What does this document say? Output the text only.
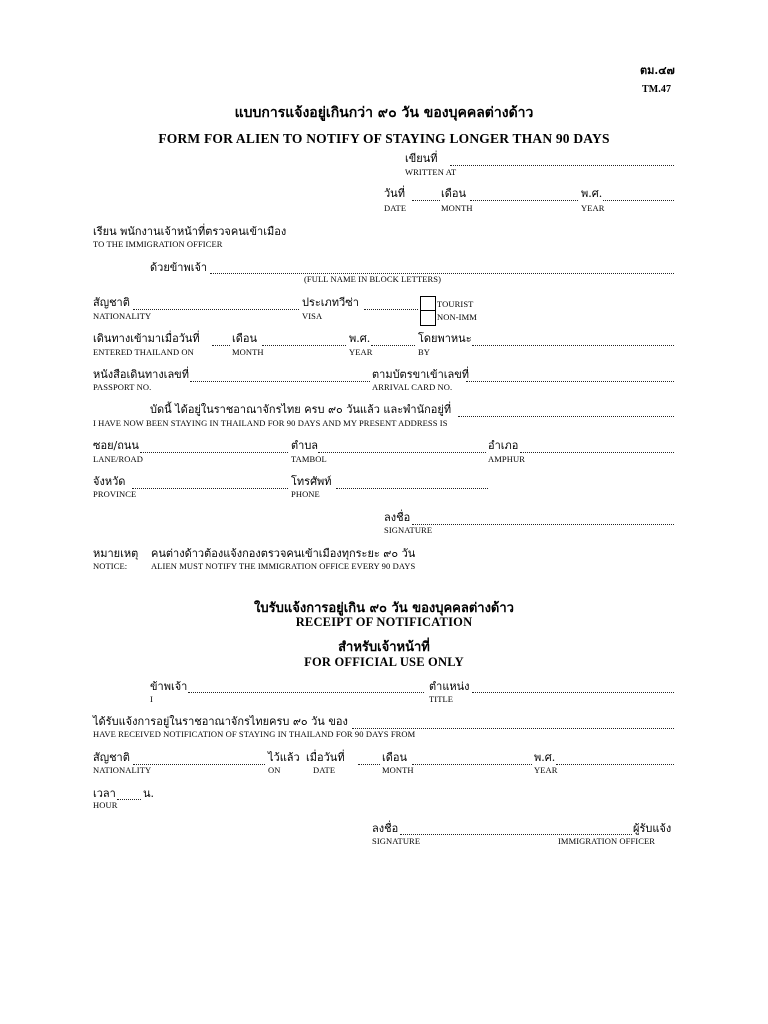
ตม.๔๗
TM.47
แบบการแจ้งอยู่เกินกว่า ๙๐ วัน ของบุคคลต่างด้าว
FORM FOR ALIEN TO NOTIFY OF STAYING LONGER THAN 90 DAYS
เขียนที่
WRITTEN AT
วันที่
DATE
เดือน
MONTH
พ.ศ.
YEAR
เรียน พนักงานเจ้าหน้าที่ตรวจคนเข้าเมือง
TO THE IMMIGRATION OFFICER
ด้วยข้าพเจ้า
(FULL NAME IN BLOCK LETTERS)
สัญชาติ
NATIONALITY
ประเภทวีซ่า
VISA
TOURIST
NON-IMM
เดินทางเข้ามาเมื่อวันที่
ENTERED THAILAND ON
เดือน
MONTH
พ.ศ.
YEAR
โดยพาหนะ
BY
หนังสือเดินทางเลขที่
PASSPORT NO.
ตามบัตรขาเข้าเลขที่
ARRIVAL CARD NO.
บัดนี้ ได้อยู่ในราชอาณาจักรไทย ครบ ๙๐ วันแล้ว และพำนักอยู่ที่
I HAVE NOW BEEN STAYING IN THAILAND FOR 90 DAYS AND MY PRESENT ADDRESS IS
ซอย/ถนน
LANE/ROAD
ตำบล
TAMBOL
อำเภอ
AMPHUR
จังหวัด
PROVINCE
โทรศัพท์
PHONE
ลงชื่อ
SIGNATURE
หมายเหตุ คนต่างด้าวต้องแจ้งกองตรวจคนเข้าเมืองทุกระยะ ๙๐ วัน
NOTICE:	ALIEN MUST NOTIFY THE IMMIGRATION OFFICE EVERY 90 DAYS
ใบรับแจ้งการอยู่เกิน ๙๐ วัน ของบุคคลต่างด้าว
RECEIPT OF NOTIFICATION
สำหรับเจ้าหน้าที่
FOR OFFICIAL USE ONLY
ข้าพเจ้า
I
ตำแหน่ง
TITLE
ได้รับแจ้งการอยู่ในราชอาณาจักรไทยครบ ๙๐ วัน ของ
HAVE RECEIVED NOTIFICATION OF STAYING IN THAILAND FOR 90 DAYS FROM
สัญชาติ
NATIONALITY
ไว้แล้ว
ON
เมื่อวันที่
DATE
เดือน
MONTH
พ.ศ.
YEAR
เวลา น.
HOUR
ลงชื่อ
SIGNATURE
ผู้รับแจ้ง
IMMIGRATION OFFICER
